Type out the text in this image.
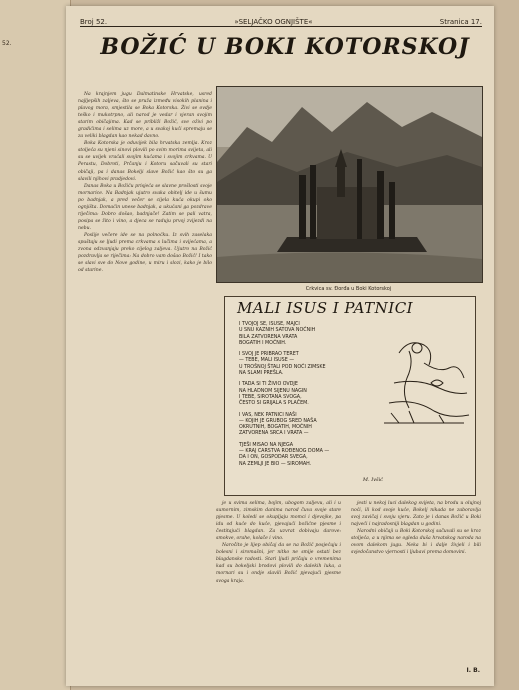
52.
Broj 52.	»SELJAČKO OGNJIŠTE«	Stranica 17.
BOŽIĆ U BOKI KOTORSKOJ

Na krajnjem jugu Dalmatinske Hrvatske, usred najljepših zaljeva, što se pruža između visokih planina i plavog mora, smjestila se Boka Kotorska. Živi se ovdje teško i mukotrpno, ali narod je vedar i vjeran svojim starim običajima. Kad se približi Božić, sve oživi po gradićima i selima uz more, a u svakoj kući spremaju se za veliki blagdan kao nekad davno.

Boka Kotorska je oduvijek bila hrvatska zemlja. Kroz stoljeća su njeni sinovi plovili po svim morima svijeta, ali su se uvijek vraćali svojim kućama i svojim crkvama. U Perastu, Dobroti, Prčanju i Kotoru sačuvali su stari običaji, pa i danas Bokelji slave Božić kao što su ga slavili njihovi pradjedovi.

Danas Boka u Božiću prisjeća se slavne prošlosti svoje mornarice. Na Badnjak ujutro svaka obitelj ide u šumu po badnjak, a pred večer se cijela kuća okupi oko ognjišta. Domaćin unese badnjak, a ukućani ga pozdrave riječima: Dobro došao, badnjače! Zatim se pali vatra, posipa se žito i vino, a djeca se raduju prvoj zvijezdi na nebu.

Poslije večere ide se na polnoćku. Iz svih zaselaka spuštaju se ljudi prema crkvama s lučima i svijećama, a zvona odzvanjaju preko cijelog zaljeva. Ujutro na Božić pozdravlja se riječima: Na dobro vam došao Božić! I tako se slavi sve do Nove godine, u miru i slozi, kako je bilo od starine.

Crkvica sv. Đorđa u Boki Kotorskoj
MALI ISUS I PATNICI
I TVOJOJ SE, ISUSE, MAJCI
U SNU KAZNIH SATOVA NOĆNIH
BILA ZATVORENA VRATA
BOGATIH I MOĆNIH.
I SVOJ JE PRIBRAO TERET
— TEBE, MALI ISUSE —
U TROŠNOJ ŠTALI POD NOĆI ZIMSKE
NA SLAMI PREŠLA.
I TADA SI TI ŽIVIO OVDJE
NA HLADNOM SIJENU NAGIN
I TEBE, SIROTANA SVOGA,
ČESTO SI GRIJALA S PLAČEM.
I VAS, NEK PATNICI NAŠI
— KOJIH JE GRUBOG SRED NAŠA
OKRUTNIH, BOGATIH, MOĆNIH
ZATVORENA SRCA I VRATA —
TJEŠI MISAO NA NJEGA
— KRAJ CARSTVA ROĐENOG DOMA —
DA I ON, GOSPODAR SVEGA,
NA ZEMLJI JE BIO — SIROMAH.
M. Ivšić

je u svima selima, bojim, ubogom zaljevu, ali i u sumornim, zimskim danima narod čuva svoje stare pjesme. U koledi se okupljaju momci i djevojke, pa idu od kuće do kuće, pjevajući božićne pjesme i čestitajući blagdan. Za uzvrat dobivaju darove: smokve, orahe, kolače i vino.

Naročito je lijep običaj da se na Božić posjećuju i bolesni i siromašni, jer nitko ne smije ostati bez blagdanske radosti. Stari ljudi pričaju o vremenima kad su bokeljski brodovi plovili do dalekih luka, a mornari su i ondje slavili Božić pjevajući pjesme svoga kraja.

jesti u nekoj luci dalekog svijeta, na brodu u olujnoj noći, ili kod svoje kuće, Bokelj nikada ne zaboravlja svoj zavičaj i svoju vjeru. Zato je i danas Božić u Boki najveći i najradosniji blagdan u godini.

Narodni običaji u Boki Kotorskoj sačuvali su se kroz stoljeća, a u njima se ogleda duša hrvatskog naroda na ovom dalekom jugu. Neka bi i dalje živjeli i bili svjedočanstvo vjernosti i ljubavi prema domovini.

I. B.
